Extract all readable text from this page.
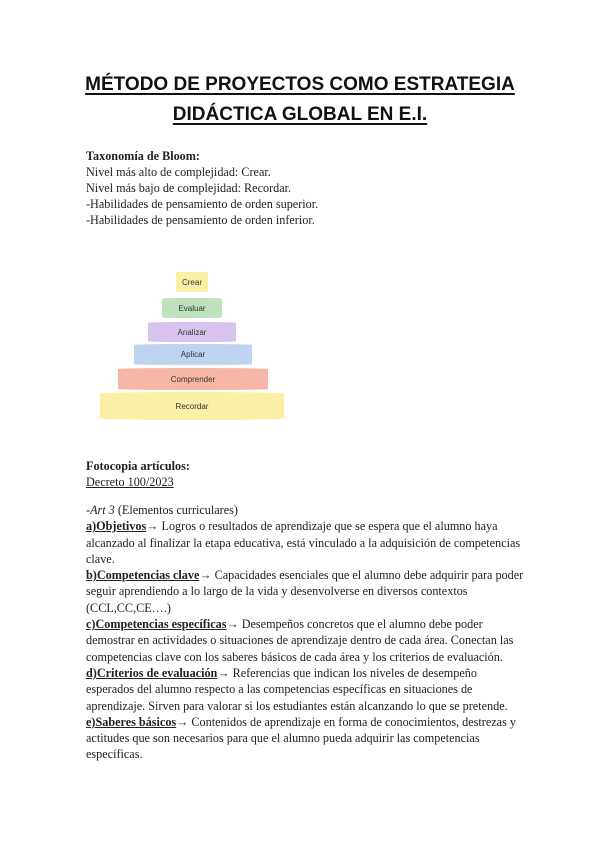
MÉTODO DE PROYECTOS COMO ESTRATEGIA
DIDÁCTICA GLOBAL EN E.I.
Taxonomía de Bloom:
Nivel más alto de complejidad: Crear.
Nivel más bajo de complejidad: Recordar.
-Habilidades de pensamiento de orden superior.
-Habilidades de pensamiento de orden inferior.
Crear
Evaluar
Analizar
Aplicar
Comprender
Recordar
Fotocopia artículos:
Decreto 100/2023

-Art 3 (Elementos curriculares)

a)Objetivos→ Logros o resultados de aprendizaje que se espera que el alumno haya alcanzado al finalizar la etapa educativa, está vinculado a la adquisición de competencias clave.

b)Competencias clave→ Capacidades esenciales que el alumno debe adquirir para poder seguir aprendiendo a lo largo de la vida y desenvolverse en diversos contextos (CCL,CC,CE….)

c)Competencias específicas→ Desempeños concretos que el alumno debe poder demostrar en actividades o situaciones de aprendizaje dentro de cada área. Conectan las competencias clave con los saberes básicos de cada área y los criterios de evaluación.

d)Criterios de evaluación→ Referencias que indican los niveles de desempeño esperados del alumno respecto a las competencias específicas en situaciones de aprendizaje. Sirven para valorar si los estudiantes están alcanzando lo que se pretende.

e)Saberes básicos→ Contenidos de aprendizaje en forma de conocimientos, destrezas y actitudes que son necesarios para que el alumno pueda adquirir las competencias específicas.
